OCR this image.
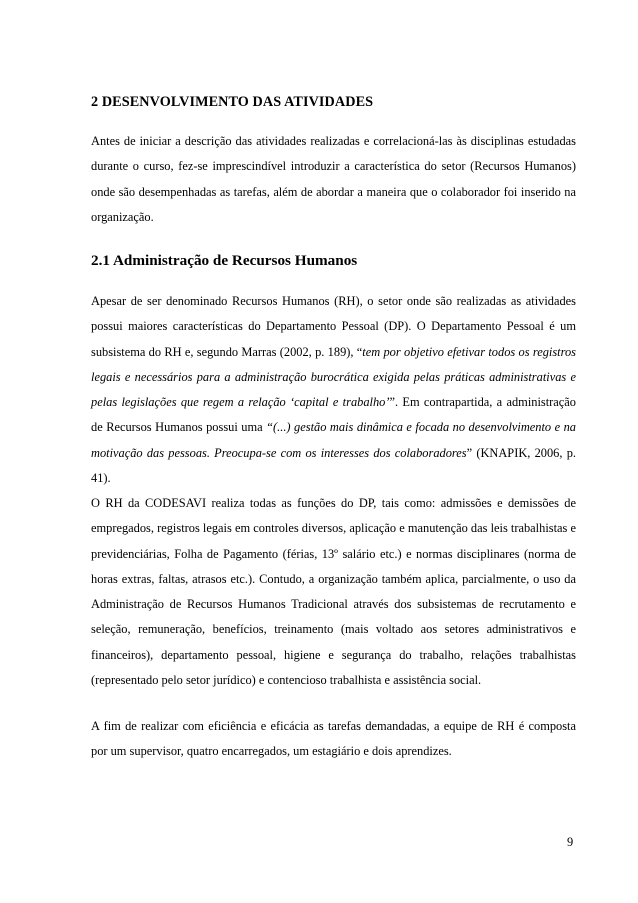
2 DESENVOLVIMENTO DAS ATIVIDADES

Antes de iniciar a descrição das atividades realizadas e correlacioná-las às disciplinas estudadas durante o curso, fez-se imprescindível introduzir a característica do setor (Recursos Humanos) onde são desempenhadas as tarefas, além de abordar a maneira que o colaborador foi inserido na organização.

2.1 Administração de Recursos Humanos

Apesar de ser denominado Recursos Humanos (RH), o setor onde são realizadas as atividades possui maiores características do Departamento Pessoal (DP). O Departamento Pessoal é um subsistema do RH e, segundo Marras (2002, p. 189), “tem por objetivo efetivar todos os registros legais e necessários para a administração burocrática exigida pelas práticas administrativas e pelas legislações que regem a relação ‘capital e trabalho’”. Em contrapartida, a administração de Recursos Humanos possui uma “(...) gestão mais dinâmica e focada no desenvolvimento e na motivação das pessoas. Preocupa-se com os interesses dos colaboradores” (KNAPIK, 2006, p. 41).

O RH da CODESAVI realiza todas as funções do DP, tais como: admissões e demissões de empregados, registros legais em controles diversos, aplicação e manutenção das leis trabalhistas e previdenciárias, Folha de Pagamento (férias, 13º salário etc.) e normas disciplinares (norma de horas extras, faltas, atrasos etc.). Contudo, a organização também aplica, parcialmente, o uso da Administração de Recursos Humanos Tradicional através dos subsistemas de recrutamento e seleção, remuneração, benefícios, treinamento (mais voltado aos setores administrativos e financeiros), departamento pessoal, higiene e segurança do trabalho, relações trabalhistas (representado pelo setor jurídico) e contencioso trabalhista e assistência social.

A fim de realizar com eficiência e eficácia as tarefas demandadas, a equipe de RH é composta por um supervisor, quatro encarregados, um estagiário e dois aprendizes.

9
